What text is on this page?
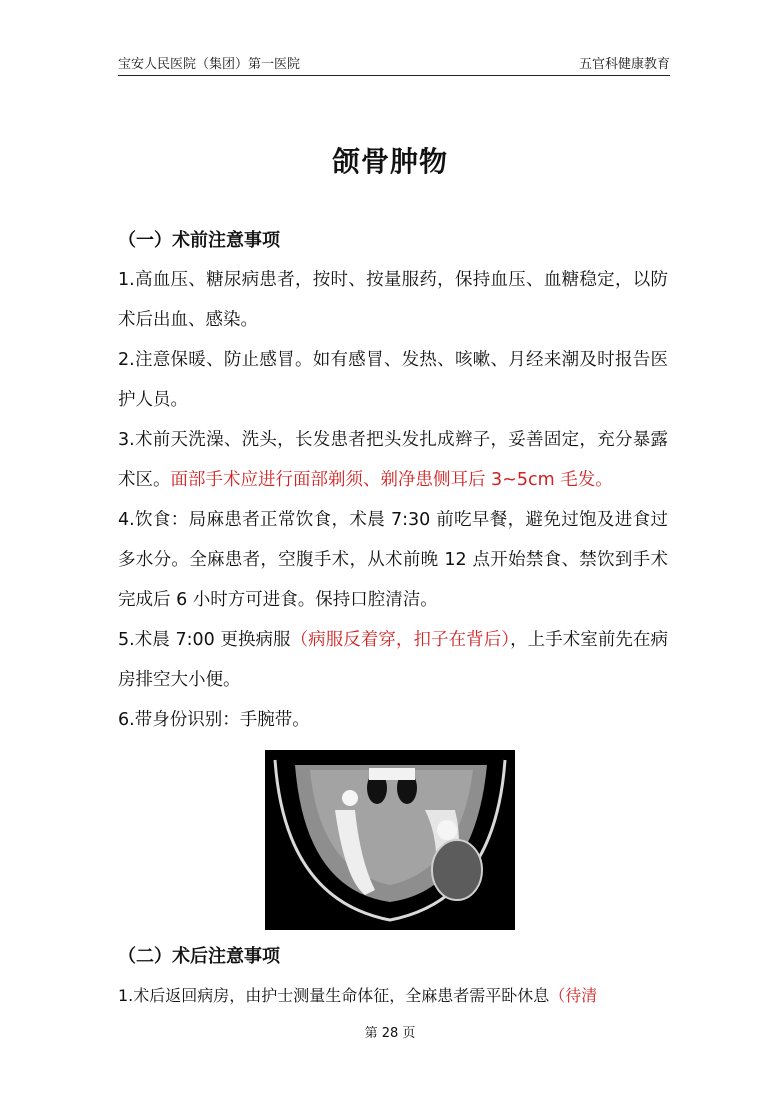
宝安人民医院（集团）第一医院	五官科健康教育
颌骨肿物
（一）术前注意事项
1.高血压、糖尿病患者，按时、按量服药，保持血压、血糖稳定，以防术后出血、感染。
2.注意保暖、防止感冒。如有感冒、发热、咳嗽、月经来潮及时报告医护人员。
3.术前天洗澡、洗头，长发患者把头发扎成辫子，妥善固定，充分暴露术区。面部手术应进行面部剃须、剃净患侧耳后 3~5cm 毛发。
4.饮食：局麻患者正常饮食，术晨 7:30 前吃早餐，避免过饱及进食过多水分。全麻患者，空腹手术，从术前晚 12 点开始禁食、禁饮到手术完成后 6 小时方可进食。保持口腔清洁。
5.术晨 7:00 更换病服（病服反着穿，扣子在背后），上手术室前先在病房排空大小便。
6.带身份识别：手腕带。
（二）术后注意事项
1.术后返回病房，由护士测量生命体征，全麻患者需平卧休息（待清
第 28 页
